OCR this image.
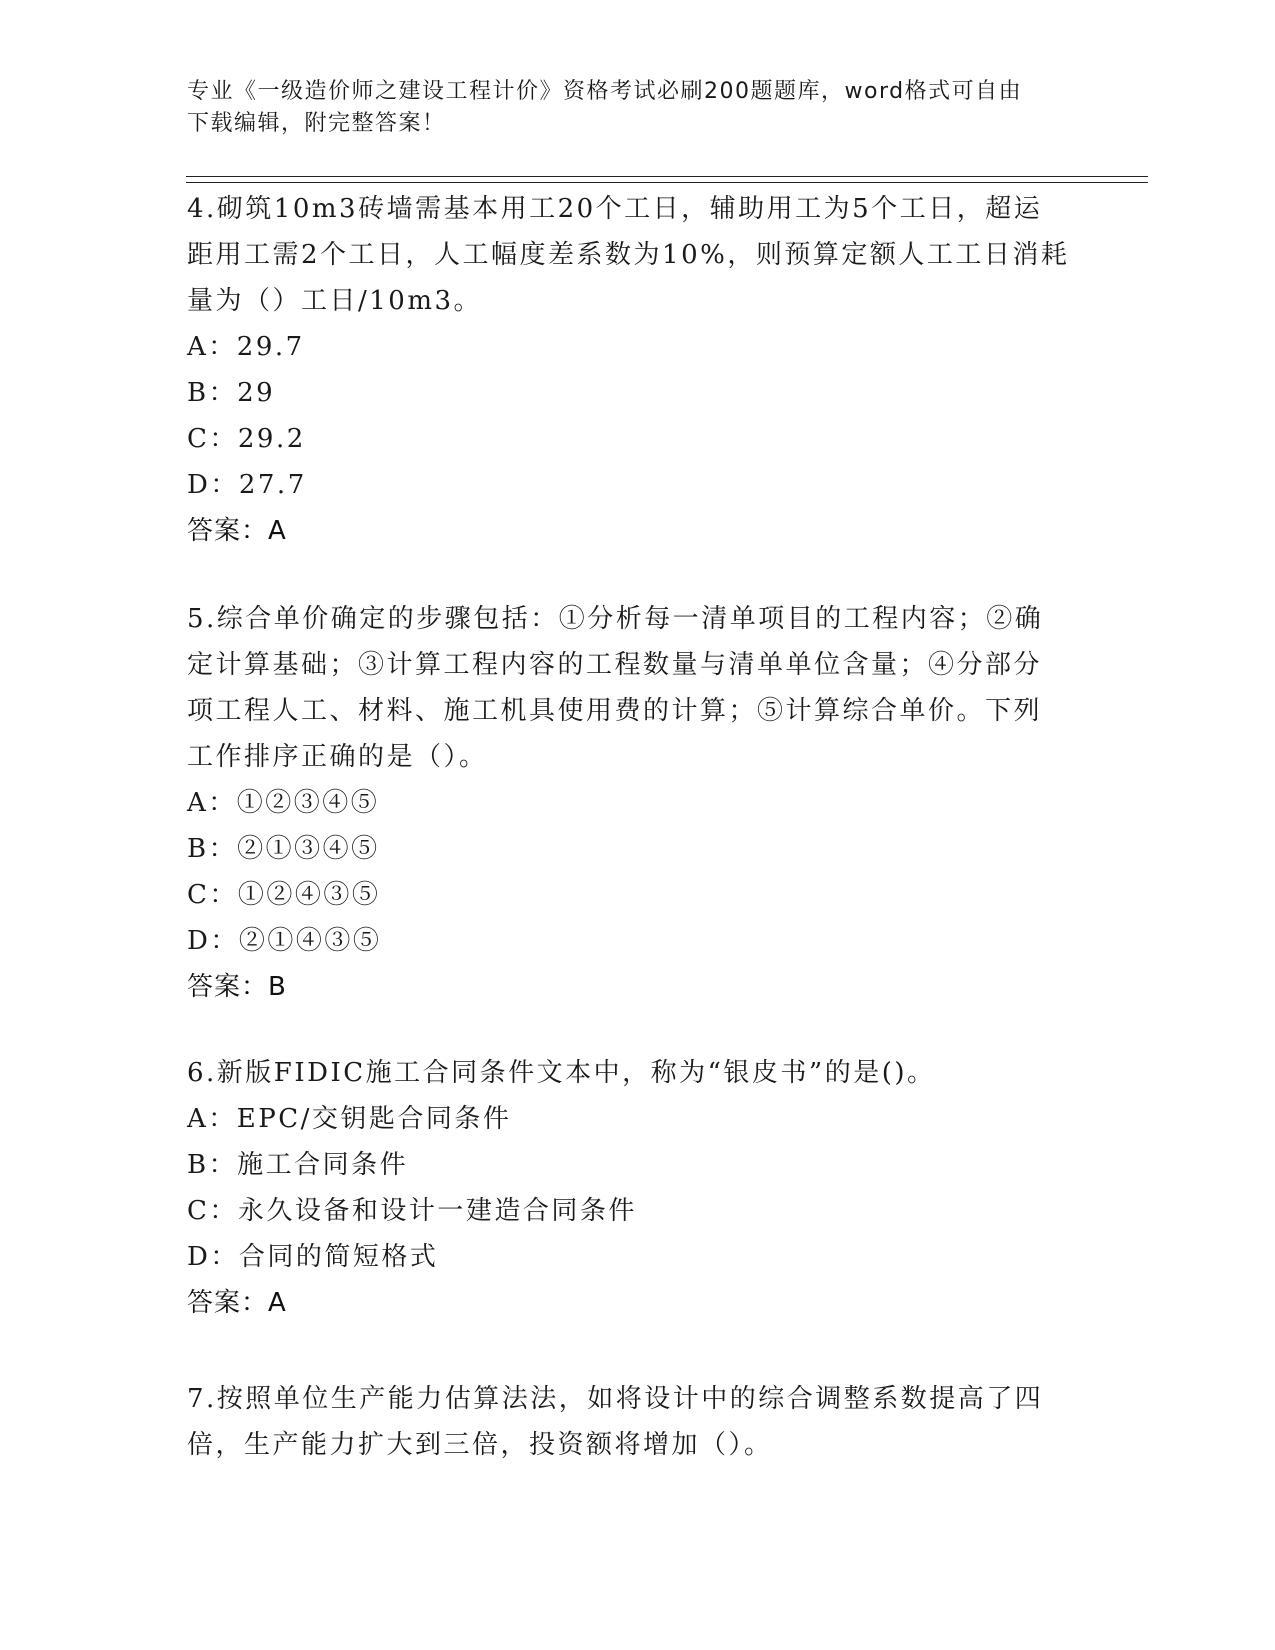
专业《一级造价师之建设工程计价》资格考试必刷200题题库，word格式可自由
下载编辑，附完整答案！
4.砌筑10m3砖墙需基本用工20个工日，辅助用工为5个工日，超运
距用工需2个工日，人工幅度差系数为10%，则预算定额人工工日消耗
量为（）工日/10m3。
A：29.7
B：29
C：29.2
D：27.7
答案：A
5.综合单价确定的步骤包括：①分析每一清单项目的工程内容；②确
定计算基础；③计算工程内容的工程数量与清单单位含量；④分部分
项工程人工、材料、施工机具使用费的计算；⑤计算综合单价。下列
工作排序正确的是（）。
A：①②③④⑤
B：②①③④⑤
C：①②④③⑤
D：②①④③⑤
答案：B
6.新版FIDIC施工合同条件文本中，称为“银皮书”的是()。
A：EPC/交钥匙合同条件
B：施工合同条件
C：永久设备和设计一建造合同条件
D：合同的简短格式
答案：A
7.按照单位生产能力估算法法，如将设计中的综合调整系数提高了四
倍，生产能力扩大到三倍，投资额将增加（）。
